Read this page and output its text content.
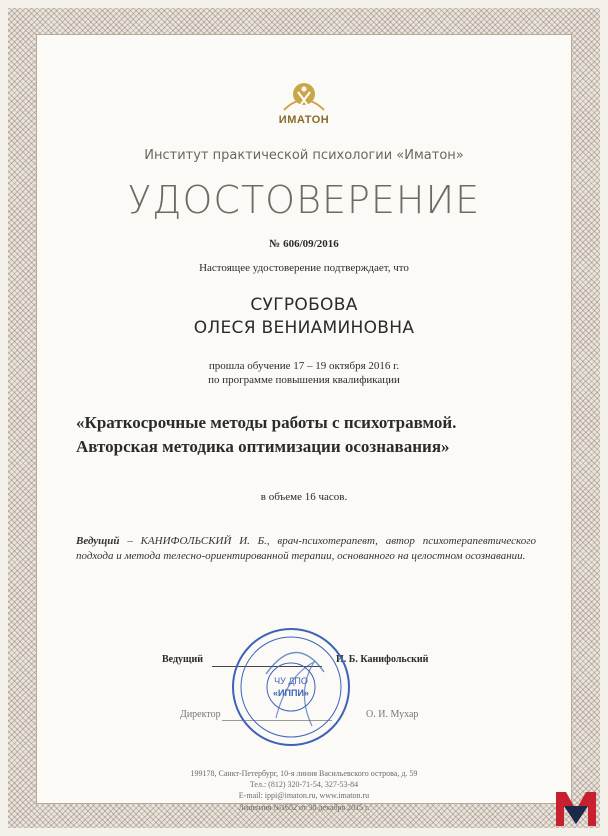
ИМАТОН
Институт практической психологии «Иматон»
УДОСТОВЕРЕНИЕ
№ 606/09/2016
Настоящее удостоверение подтверждает, что
СУГРОБОВА
ОЛЕСЯ ВЕНИАМИНОВНА
прошла обучение 17 – 19 октября 2016 г.
по программе повышения квалификации
«Краткосрочные методы работы с психотравмой.
Авторская методика оптимизации осознавания»
в объеме 16 часов.
Ведущий – КАНИФОЛЬСКИЙ И. Б., врач-психотерапевт, автор психотерапевтического подхода и метода телесно-ориентированной терапии, основанного на целостном осознавании.
Ведущий	И. Б. Канифольский
Директор	О. И. Мухар
ЧУ ДПО
«ИППИ»
199178, Санкт-Петербург, 10-я линия Васильевского острова, д. 59
Тел.: (812) 320-71-54, 327-53-84
E-mail: ippi@imaton.ru, www.imaton.ru
Лицензия №1652 от 30 декабря 2015 г.
